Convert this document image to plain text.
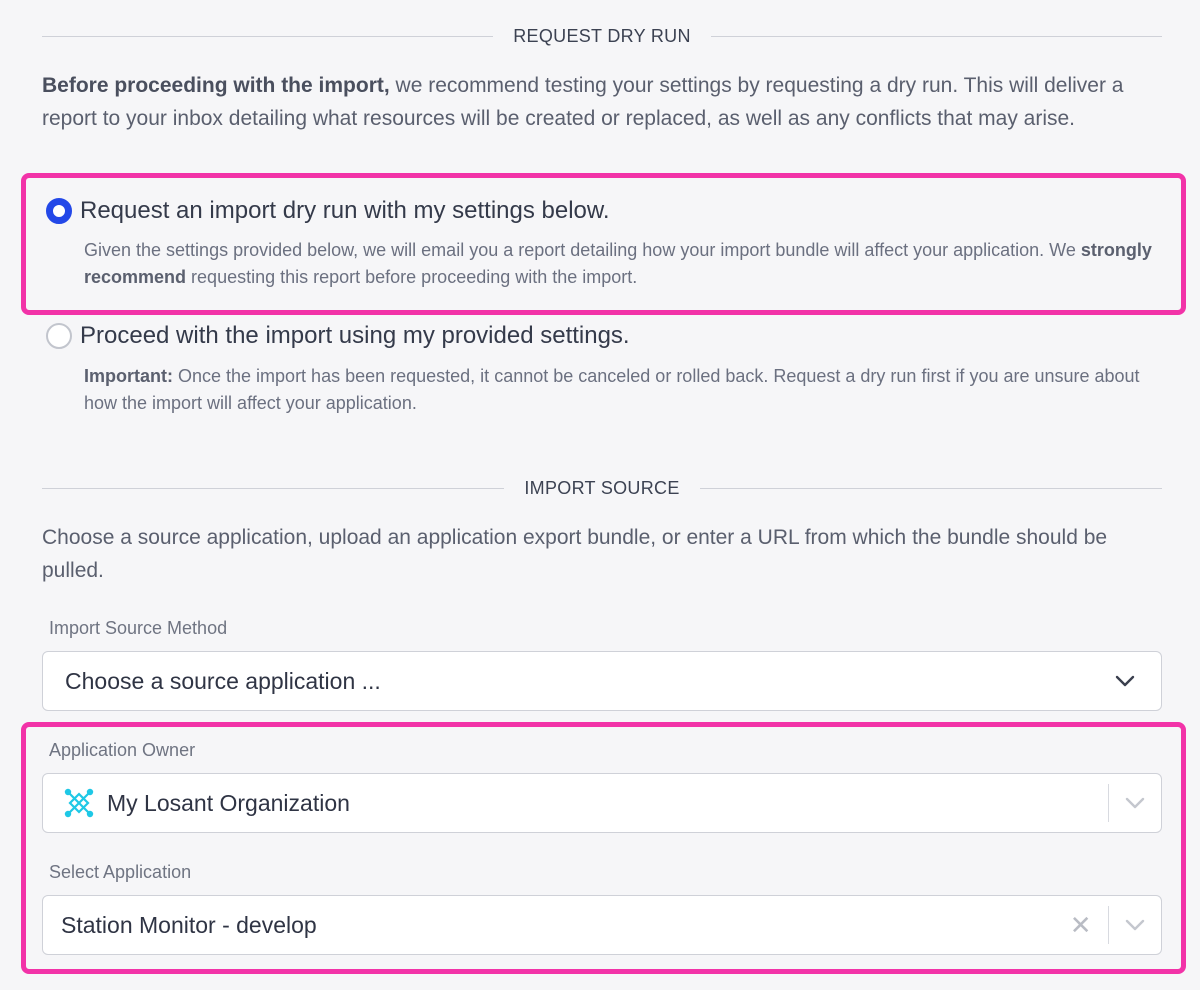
REQUEST DRY RUN
Before proceeding with the import, we recommend testing your settings by requesting a dry run. This will deliver a report to your inbox detailing what resources will be created or replaced, as well as any conflicts that may arise.
Request an import dry run with my settings below.
Given the settings provided below, we will email you a report detailing how your import bundle will affect your application. We strongly recommend requesting this report before proceeding with the import.
Proceed with the import using my provided settings.
Important: Once the import has been requested, it cannot be canceled or rolled back. Request a dry run first if you are unsure about how the import will affect your application.
IMPORT SOURCE
Choose a source application, upload an application export bundle, or enter a URL from which the bundle should be pulled.
Import Source Method
Choose a source application ...
Application Owner
My Losant Organization
Select Application
Station Monitor - develop	✕
